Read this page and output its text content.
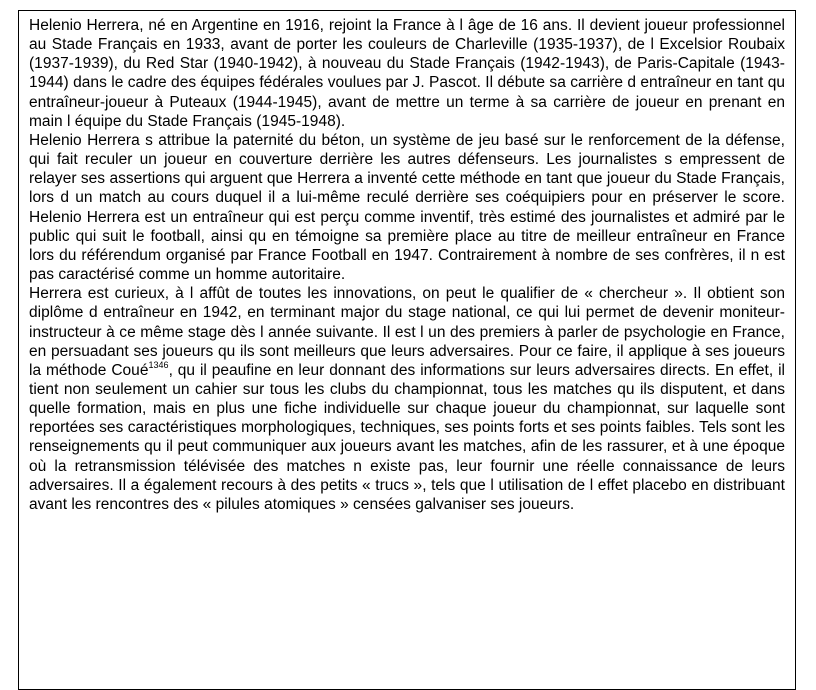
Helenio Herrera, né en Argentine en 1916, rejoint la France à l âge de 16 ans. Il devient joueur professionnel au Stade Français en 1933, avant de porter les couleurs de Charleville (1935-1937), de l Excelsior Roubaix (1937-1939), du Red Star (1940-1942), à nouveau du Stade Français (1942-1943), de Paris-Capitale (1943-1944) dans le cadre des équipes fédérales voulues par J. Pascot. Il débute sa carrière d entraîneur en tant qu entraîneur-joueur à Puteaux (1944-1945), avant de mettre un terme à sa carrière de joueur en prenant en main l équipe du Stade Français (1945-1948).

Helenio Herrera s attribue la paternité du béton, un système de jeu basé sur le renforcement de la défense, qui fait reculer un joueur en couverture derrière les autres défenseurs. Les journalistes s empressent de relayer ses assertions qui arguent que Herrera a inventé cette méthode en tant que joueur du Stade Français, lors d un match au cours duquel il a lui-même reculé derrière ses coéquipiers pour en préserver le score. Helenio Herrera est un entraîneur qui est perçu comme inventif, très estimé des journalistes et admiré par le public qui suit le football, ainsi qu en témoigne sa première place au titre de meilleur entraîneur en France lors du référendum organisé par France Football en 1947. Contrairement à nombre de ses confrères, il n est pas caractérisé comme un homme autoritaire.

Herrera est curieux, à l affût de toutes les innovations, on peut le qualifier de « chercheur ». Il obtient son diplôme d entraîneur en 1942, en terminant major du stage national, ce qui lui permet de devenir moniteur-instructeur à ce même stage dès l année suivante. Il est l un des premiers à parler de psychologie en France, en persuadant ses joueurs qu ils sont meilleurs que leurs adversaires. Pour ce faire, il applique à ses joueurs la méthode Coué$^{1346}$, qu il peaufine en leur donnant des informations sur leurs adversaires directs. En effet, il tient non seulement un cahier sur tous les clubs du championnat, tous les matches qu ils disputent, et dans quelle formation, mais en plus une fiche individuelle sur chaque joueur du championnat, sur laquelle sont reportées ses caractéristiques morphologiques, techniques, ses points forts et ses points faibles. Tels sont les renseignements qu il peut communiquer aux joueurs avant les matches, afin de les rassurer, et à une époque où la retransmission télévisée des matches n existe pas, leur fournir une réelle connaissance de leurs adversaires. Il a également recours à des petits « trucs », tels que l utilisation de l effet placebo en distribuant avant les rencontres des « pilules atomiques » censées galvaniser ses joueurs.
